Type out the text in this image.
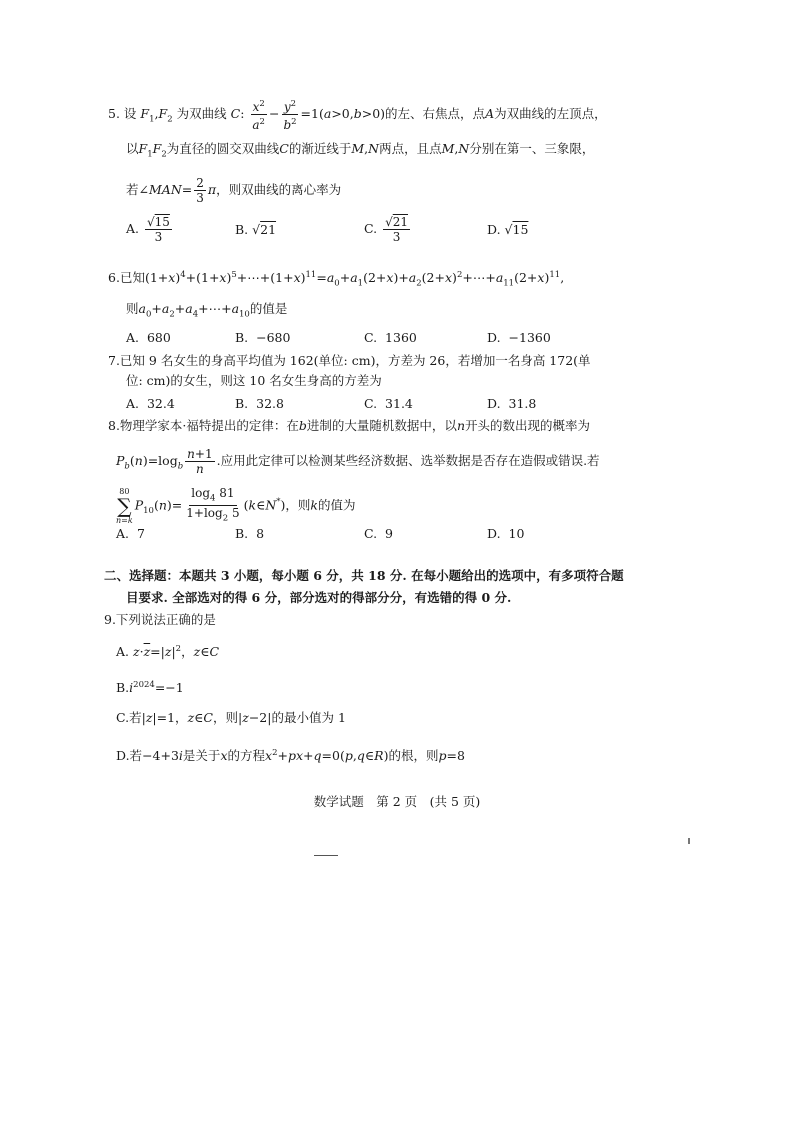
5. 设 $F_1,F_2$ 为双曲线 C: $\frac{x^2}{a^2} - \frac{y^2}{b^2} =1(a>0,b>0)$的左、右焦点，点A为双曲线的左顶点，
以$F_1F_2$为直径的圆交双曲线C的渐近线于M,N两点，且点M,N分别在第一、三象限，
若∠MAN= $\frac{2}{3}$ π，则双曲线的离心率为
A. $\frac{√15}{3}$	B. √21	C. $\frac{√21}{3}$	D. √15
6.已知$(1+x)^4+(1+x)^5+\cdots+(1+x)^{11}=a_0+a_1(2+x)+a_2(2+x)^2+\cdots+a_{11}(2+x)^{11}$,
则$a_0+a_2+a_4+\cdots+a_{10}$的值是
A. 680	B. −680	C. 1360	D. −1360
7.已知 9 名女生的身高平均值为 162(单位: cm)，方差为 26，若增加一名身高 172(单
位: cm)的女生，则这 10 名女生身高的方差为
A. 32.4	B. 32.8	C. 31.4	D. 31.8
8.物理学家本·福特提出的定律：在b进制的大量随机数据中，以n开头的数出现的概率为
$P_b(n)=\log_b \frac{n+1}{n}$ .应用此定律可以检测某些经济数据、选举数据是否存在造假或错误.若
80
∑
n=k
$P_{10}(n)= \frac{\log_4 81}{1+\log_2 5}$ (k∈N*)，则k的值为
A. 7	B. 8	C. 9	D. 10
二、选择题：本题共 3 小题，每小题 6 分，共 18 分. 在每小题给出的选项中，有多项符合题
目要求. 全部选对的得 6 分，部分选对的得部分分，有选错的得 0 分.
9.下列说法正确的是
A. $z\cdot\overline{z}=|z|^2$，z∈C
$B.i^{2024}=-1$
C.若|z|=1，z∈C，则|z−2|的最小值为 1
D.若−4+3i是关于x的方程$x^2+px+q=0(p,q\in R)$的根，则p=8
数学试题　第 2 页　(共 5 页)
